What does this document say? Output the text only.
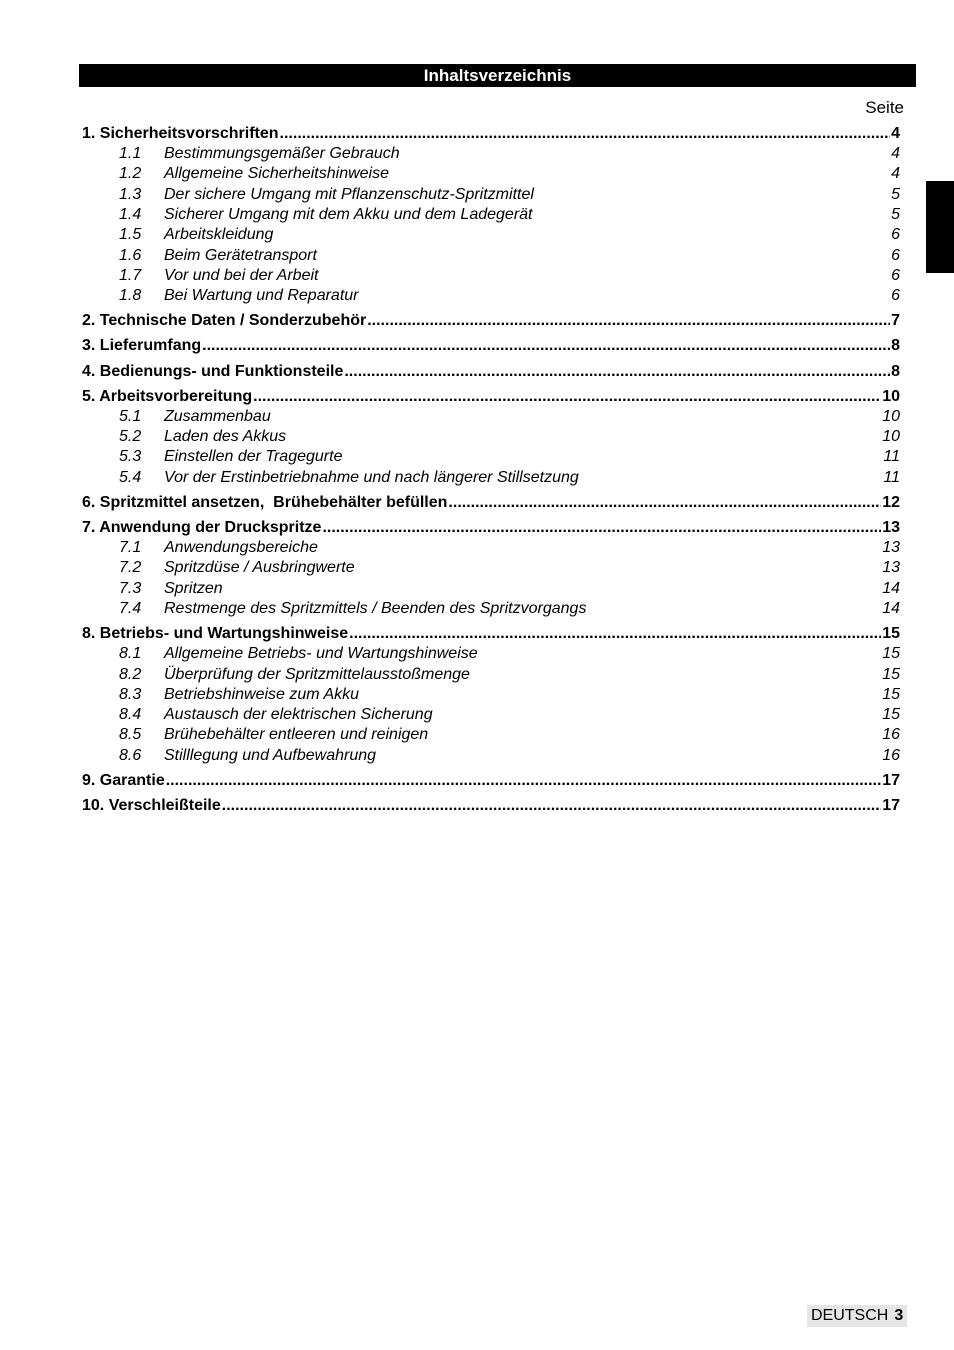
Inhaltsverzeichnis
Seite
1. Sicherheitsvorschriften .....	4
1.1 Bestimmungsgemäßer Gebrauch	4
1.2 Allgemeine Sicherheitshinweise	4
1.3 Der sichere Umgang mit Pflanzenschutz-Spritzmittel	5
1.4 Sicherer Umgang mit dem Akku und dem Ladegerät	5
1.5 Arbeitskleidung	6
1.6 Beim Gerätetransport	6
1.7 Vor und bei der Arbeit	6
1.8 Bei Wartung und Reparatur	6
2. Technische Daten / Sonderzubehör .....	7
3. Lieferumfang .....	8
4. Bedienungs- und Funktionsteile .....	8
5. Arbeitsvorbereitung .....	10
5.1 Zusammenbau	10
5.2 Laden des Akkus	10
5.3 Einstellen der Tragegurte	11
5.4 Vor der Erstinbetriebnahme und nach längerer Stillsetzung	11
6. Spritzmittel ansetzen,  Brühebehälter befüllen .....	12
7. Anwendung der Druckspritze .....	13
7.1 Anwendungsbereiche	13
7.2 Spritzdüse / Ausbringwerte	13
7.3 Spritzen	14
7.4 Restmenge des Spritzmittels / Beenden des Spritzvorgangs	14
8. Betriebs- und Wartungshinweise .....	15
8.1 Allgemeine Betriebs- und Wartungshinweise	15
8.2 Überprüfung der Spritzmittelausstoßmenge	15
8.3 Betriebshinweise zum Akku	15
8.4 Austausch der elektrischen Sicherung	15
8.5 Brühebehälter entleeren und reinigen	16
8.6 Stilllegung und Aufbewahrung	16
9. Garantie .....	17
10. Verschleißteile .....	17
DEUTSCH 3
